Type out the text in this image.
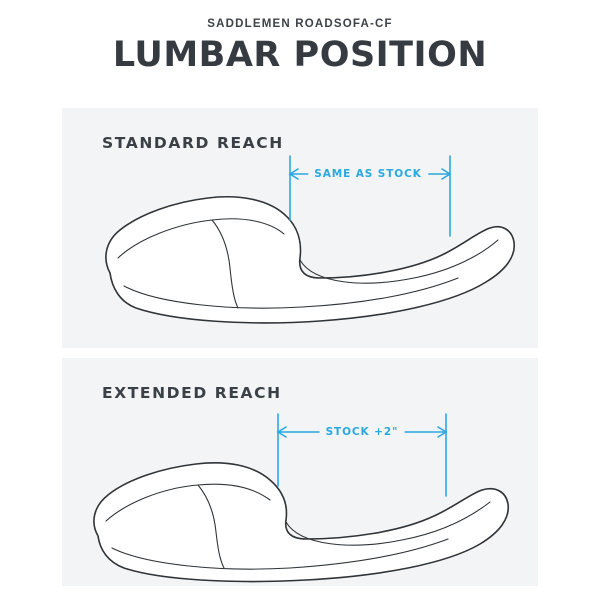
SADDLEMEN ROADSOFA-CF
LUMBAR POSITION
STANDARD REACH
SAME AS STOCK
EXTENDED REACH
STOCK +2"
